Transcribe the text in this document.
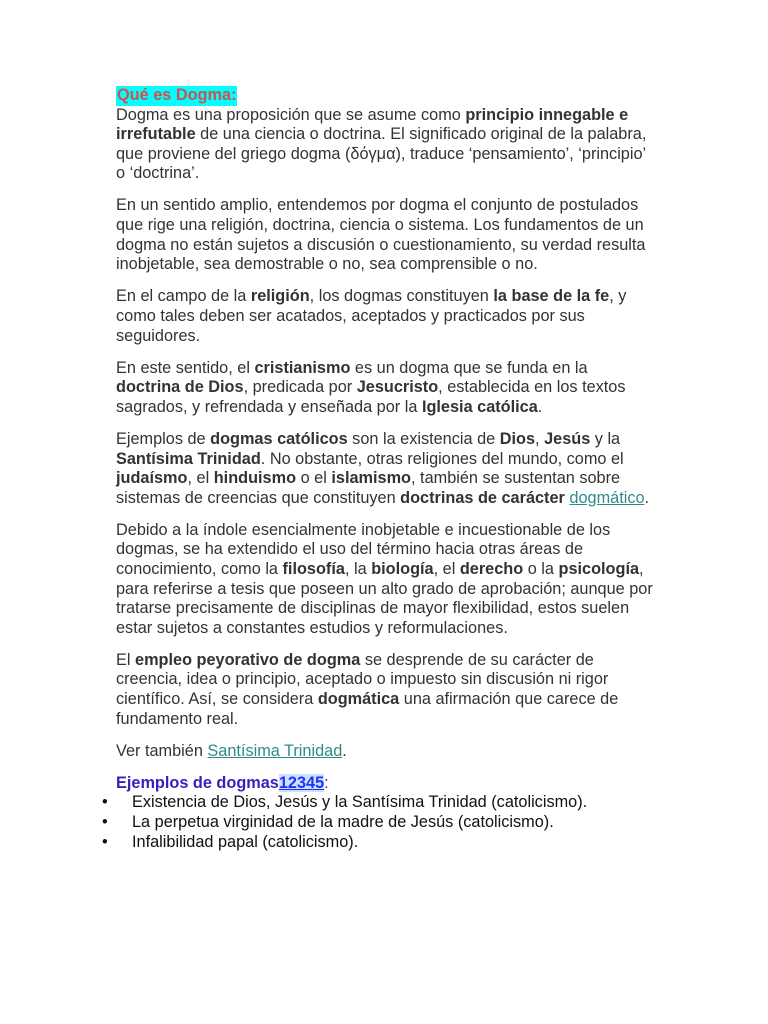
Qué es Dogma:

Dogma es una proposición que se asume como principio innegable e irrefutable de una ciencia o doctrina. El significado original de la palabra, que proviene del griego dogma (δόγμα), traduce ‘pensamiento’, ‘principio’ o ‘doctrina’.

En un sentido amplio, entendemos por dogma el conjunto de postulados que rige una religión, doctrina, ciencia o sistema. Los fundamentos de un dogma no están sujetos a discusión o cuestionamiento, su verdad resulta inobjetable, sea demostrable o no, sea comprensible o no.

En el campo de la religión, los dogmas constituyen la base de la fe, y como tales deben ser acatados, aceptados y practicados por sus seguidores.

En este sentido, el cristianismo es un dogma que se funda en la doctrina de Dios, predicada por Jesucristo, establecida en los textos sagrados, y refrendada y enseñada por la Iglesia católica.

Ejemplos de dogmas católicos son la existencia de Dios, Jesús y la Santísima Trinidad. No obstante, otras religiones del mundo, como el judaísmo, el hinduismo o el islamismo, también se sustentan sobre sistemas de creencias que constituyen doctrinas de carácter dogmático.

Debido a la índole esencialmente inobjetable e incuestionable de los dogmas, se ha extendido el uso del término hacia otras áreas de conocimiento, como la filosofía, la biología, el derecho o la psicología, para referirse a tesis que poseen un alto grado de aprobación; aunque por tratarse precisamente de disciplinas de mayor flexibilidad, estos suelen estar sujetos a constantes estudios y reformulaciones.

El empleo peyorativo de dogma se desprende de su carácter de creencia, idea o principio, aceptado o impuesto sin discusión ni rigor científico. Así, se considera dogmática una afirmación que carece de fundamento real.

Ver también Santísima Trinidad.

Ejemplos de dogmas12345:
• Existencia de Dios, Jesús y la Santísima Trinidad (catolicismo).
• La perpetua virginidad de la madre de Jesús (catolicismo).
• Infalibilidad papal (catolicismo).
